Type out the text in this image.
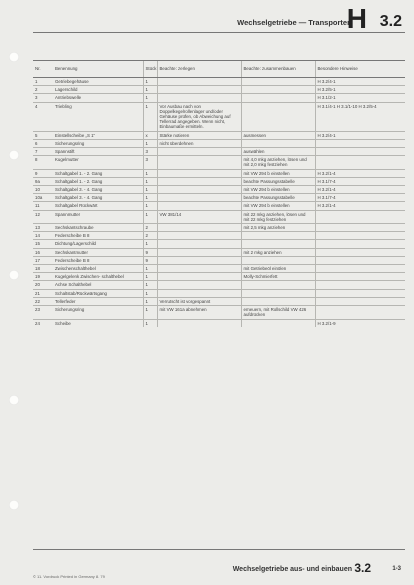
Wechselgetriebe — Transporter
H 3.2
Nr.	Benennung	Stück	Beachte: zerlegen	Beachte: zusammenbauen	Besondere Hinweise
1	Getriebegehäuse	1			H 3.2/4-1
2	Lagerschild	1			H 3.2/5-1
3	Antriebswelle	1			H 3.1/2-1
4	Triebling	1	Vor Ausbau nach von Doppelkegelrollenlager und/oder Gehäuse prüfen, ob Abweichung auf Tellerrad angegeben. Wenn nicht, Einbaumaße ermitteln.		H 3.1/4-1 H 3.1/1-10 H 3.2/5-4
5	Einstellscheibe „S 1“	x	Stärke notieren	ausmessen	H 3.2/4-1
6	Sicherungsring	1	nicht überdehnen		
7	Spannstift	3		auswählen	
8	Kugelmutter	3		mit 4,0 mkg anziehen, lösen und mit 2,0 mkg festziehen	
9	Schaltgabel 1. - 2. Gang	1		mit VW 294 b einstellen	H 3.2/1-4
9a	Schaltgabel 1. - 2. Gang	1		beachte Passungsstabelle	H 3.1/7-4
10	Schaltgabel 3. - 4. Gang	1		mit VW 294 b einstellen	H 3.2/1-4
10a	Schaltgabel 3. - 4. Gang	1		beachte Passungsstabelle	H 3.1/7-4
11	Schaltgabel Rückwärt	1		mit VW 294 b einstellen	H 3.2/1-4
12	Spannmutter	1	VW 381/14	mit 22 mkg anziehen, lösen und mit 22 mkg festziehen	
13	Sechskantschraube	2		mit 2,5 mkg anziehen	
14	Federscheibe B 8	2			
15	Dichtung/Lagerschild	1			
16	Sechskantmutter	9		mit 2 mkg anziehen	
17	Federscheibe B 8	9			
18	Zwischenschalthebel	1		mit Getriebeöl einölen	
19	Kugelgelenk Zwischen- schalthebel	1		Molly-Schmierfett	
20	Achse Schalthebel	1			
21	Schaltstab/Rückwärtsgang	1			
22	Tellerfeder	1	Verrutscht ist vorgespannt		
23	Sicherungsring	1	mit VW 161a abnehmen	erneuern, mit Rollschild VW 426 aufdrücken	
24	Scheibe	1			H 3.2/1-9
© 11. Vordruck Printed in Germany 8. 79
Wechselgetriebe aus- und einbauen 3.2	1-3
